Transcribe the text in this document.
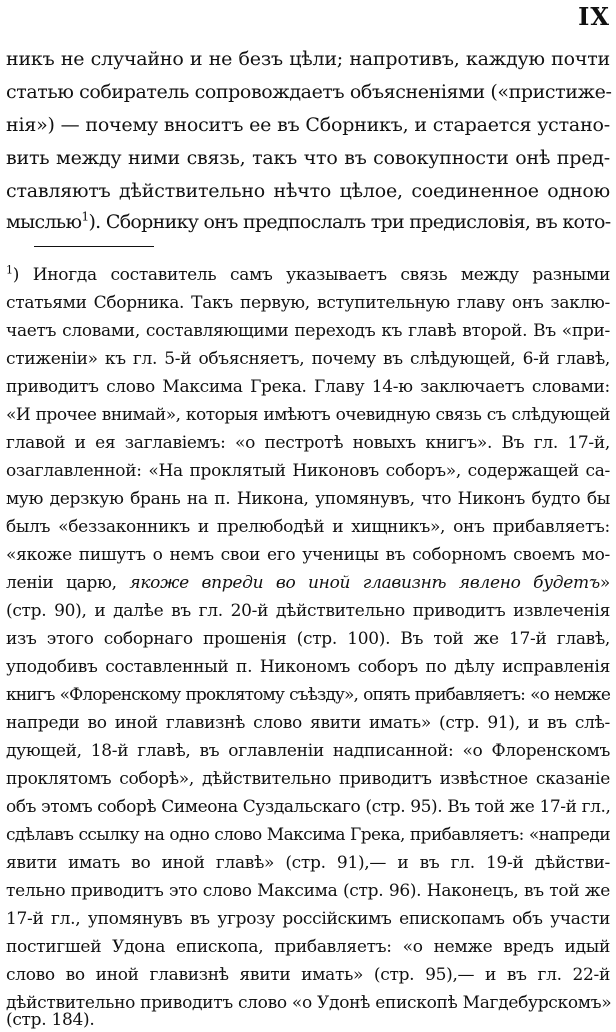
IX
никъ не случайно и не безъ цѣли; напротивъ, каждую почти
статью собиратель сопровождаетъ объясненіями («пристиже-
нія») — почему вноситъ ее въ Сборникъ, и старается устано-
вить между ними связь, такъ что въ совокупности онѣ пред-
ставляютъ дѣйствительно нѣчто цѣлое, соединенное одною
мыслью$^1$). Сборнику онъ предпослалъ три предисловія, въ кото-
$^1$) Иногда составитель самъ указываетъ связь между разными
статьями Сборника. Такъ первую, вступительную главу онъ заклю-
чаетъ словами, составляющими переходъ къ главѣ второй. Въ «при-
стиженіи» къ гл. 5-й объясняетъ, почему въ слѣдующей, 6-й главѣ,
приводитъ слово Максима Грека. Главу 14-ю заключаетъ словами:
«И прочее внимай», которыя имѣютъ очевидную связь съ слѣдующей
главой и ея заглавіемъ: «о пестротѣ новыхъ книгъ». Въ гл. 17-й,
озаглавленной: «На проклятый Никоновъ соборъ», содержащей са-
мую дерзкую брань на п. Никона, упомянувъ, что Никонъ будто бы
былъ «беззаконникъ и прелюбодѣй и хищникъ», онъ прибавляетъ:
«якоже пишутъ о немъ свои его ученицы въ соборномъ своемъ мо-
леніи царю, якоже впреди во иной главизнѣ явлено будетъ»
(стр. 90), и далѣе въ гл. 20-й дѣйствительно приводитъ извлеченія
изъ этого соборнаго прошенія (стр. 100). Въ той же 17-й главѣ,
уподобивъ составленный п. Никономъ соборъ по дѣлу исправленія
книгъ «Флоренскому проклятому съѣзду», опять прибавляетъ: «о немже
напреди во иной главизнѣ слово явити имать» (стр. 91), и въ слѣ-
дующей, 18-й главѣ, въ оглавленіи надписанной: «о Флоренскомъ
проклятомъ соборѣ», дѣйствительно приводитъ извѣстное сказаніе
объ этомъ соборѣ Симеона Суздальскаго (стр. 95). Въ той же 17-й гл.,
сдѣлавъ ссылку на одно слово Максима Грека, прибавляетъ: «напреди
явити имать во иной главѣ» (стр. 91),— и въ гл. 19-й дѣйстви-
тельно приводитъ это слово Максима (стр. 96). Наконецъ, въ той же
17-й гл., упомянувъ въ угрозу россійскимъ епископамъ объ участи
постигшей Удона епископа, прибавляетъ: «о немже вредъ идый
слово во иной главизнѣ явити имать» (стр. 95),— и въ гл. 22-й
дѣйствительно приводитъ слово «о Удонѣ епископѣ Магдебурскомъ»
(стр. 184).
